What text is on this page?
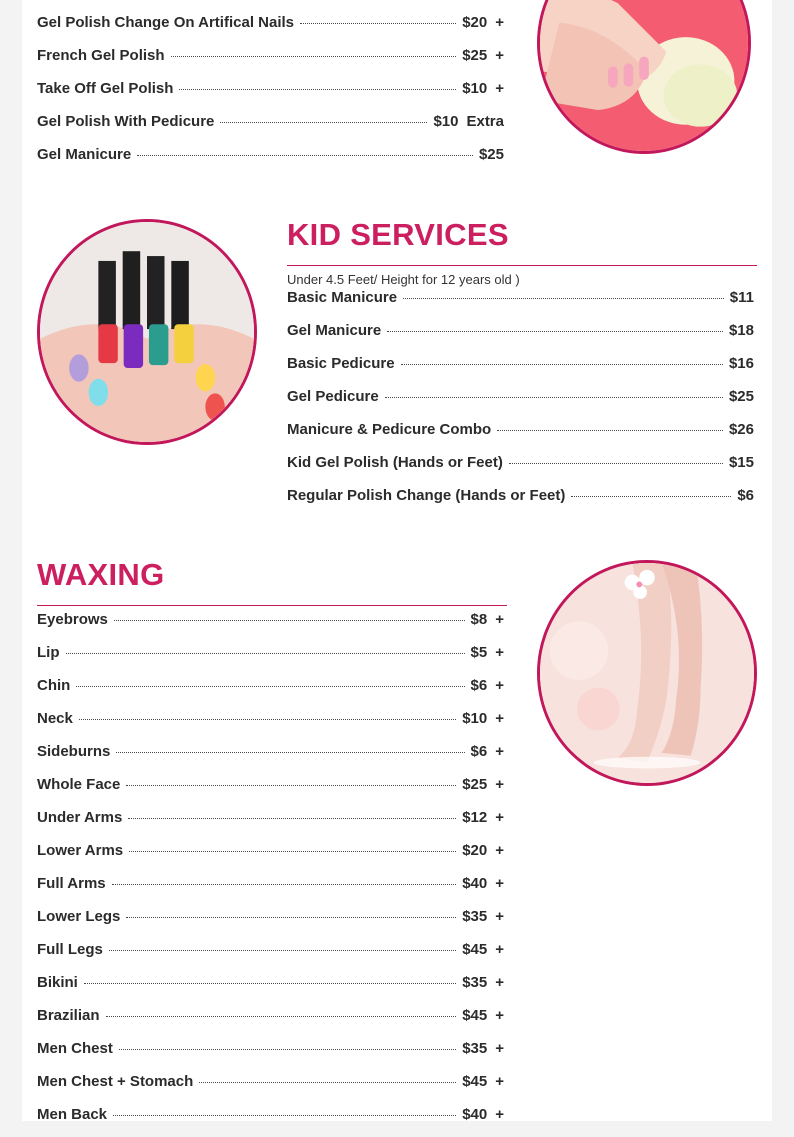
Gel Polish Change On Artifical Nails	$20 +
French Gel Polish	$25 +
Take Off Gel Polish	$10 +
Gel Polish With Pedicure	$10 Extra
Gel Manicure	$25
KID SERVICES
Under 4.5 Feet/ Height for 12 years old )
Basic Manicure	$11
Gel Manicure	$18
Basic Pedicure	$16
Gel Pedicure	$25
Manicure & Pedicure Combo	$26
Kid Gel Polish (Hands or Feet)	$15
Regular Polish Change (Hands or Feet)	$6
WAXING
Eyebrows	$8 +
Lip	$5 +
Chin	$6 +
Neck	$10 +
Sideburns	$6 +
Whole Face	$25 +
Under Arms	$12 +
Lower Arms	$20 +
Full Arms	$40 +
Lower Legs	$35 +
Full Legs	$45 +
Bikini	$35 +
Brazilian	$45 +
Men Chest	$35 +
Men Chest + Stomach	$45 +
Men Back	$40 +
